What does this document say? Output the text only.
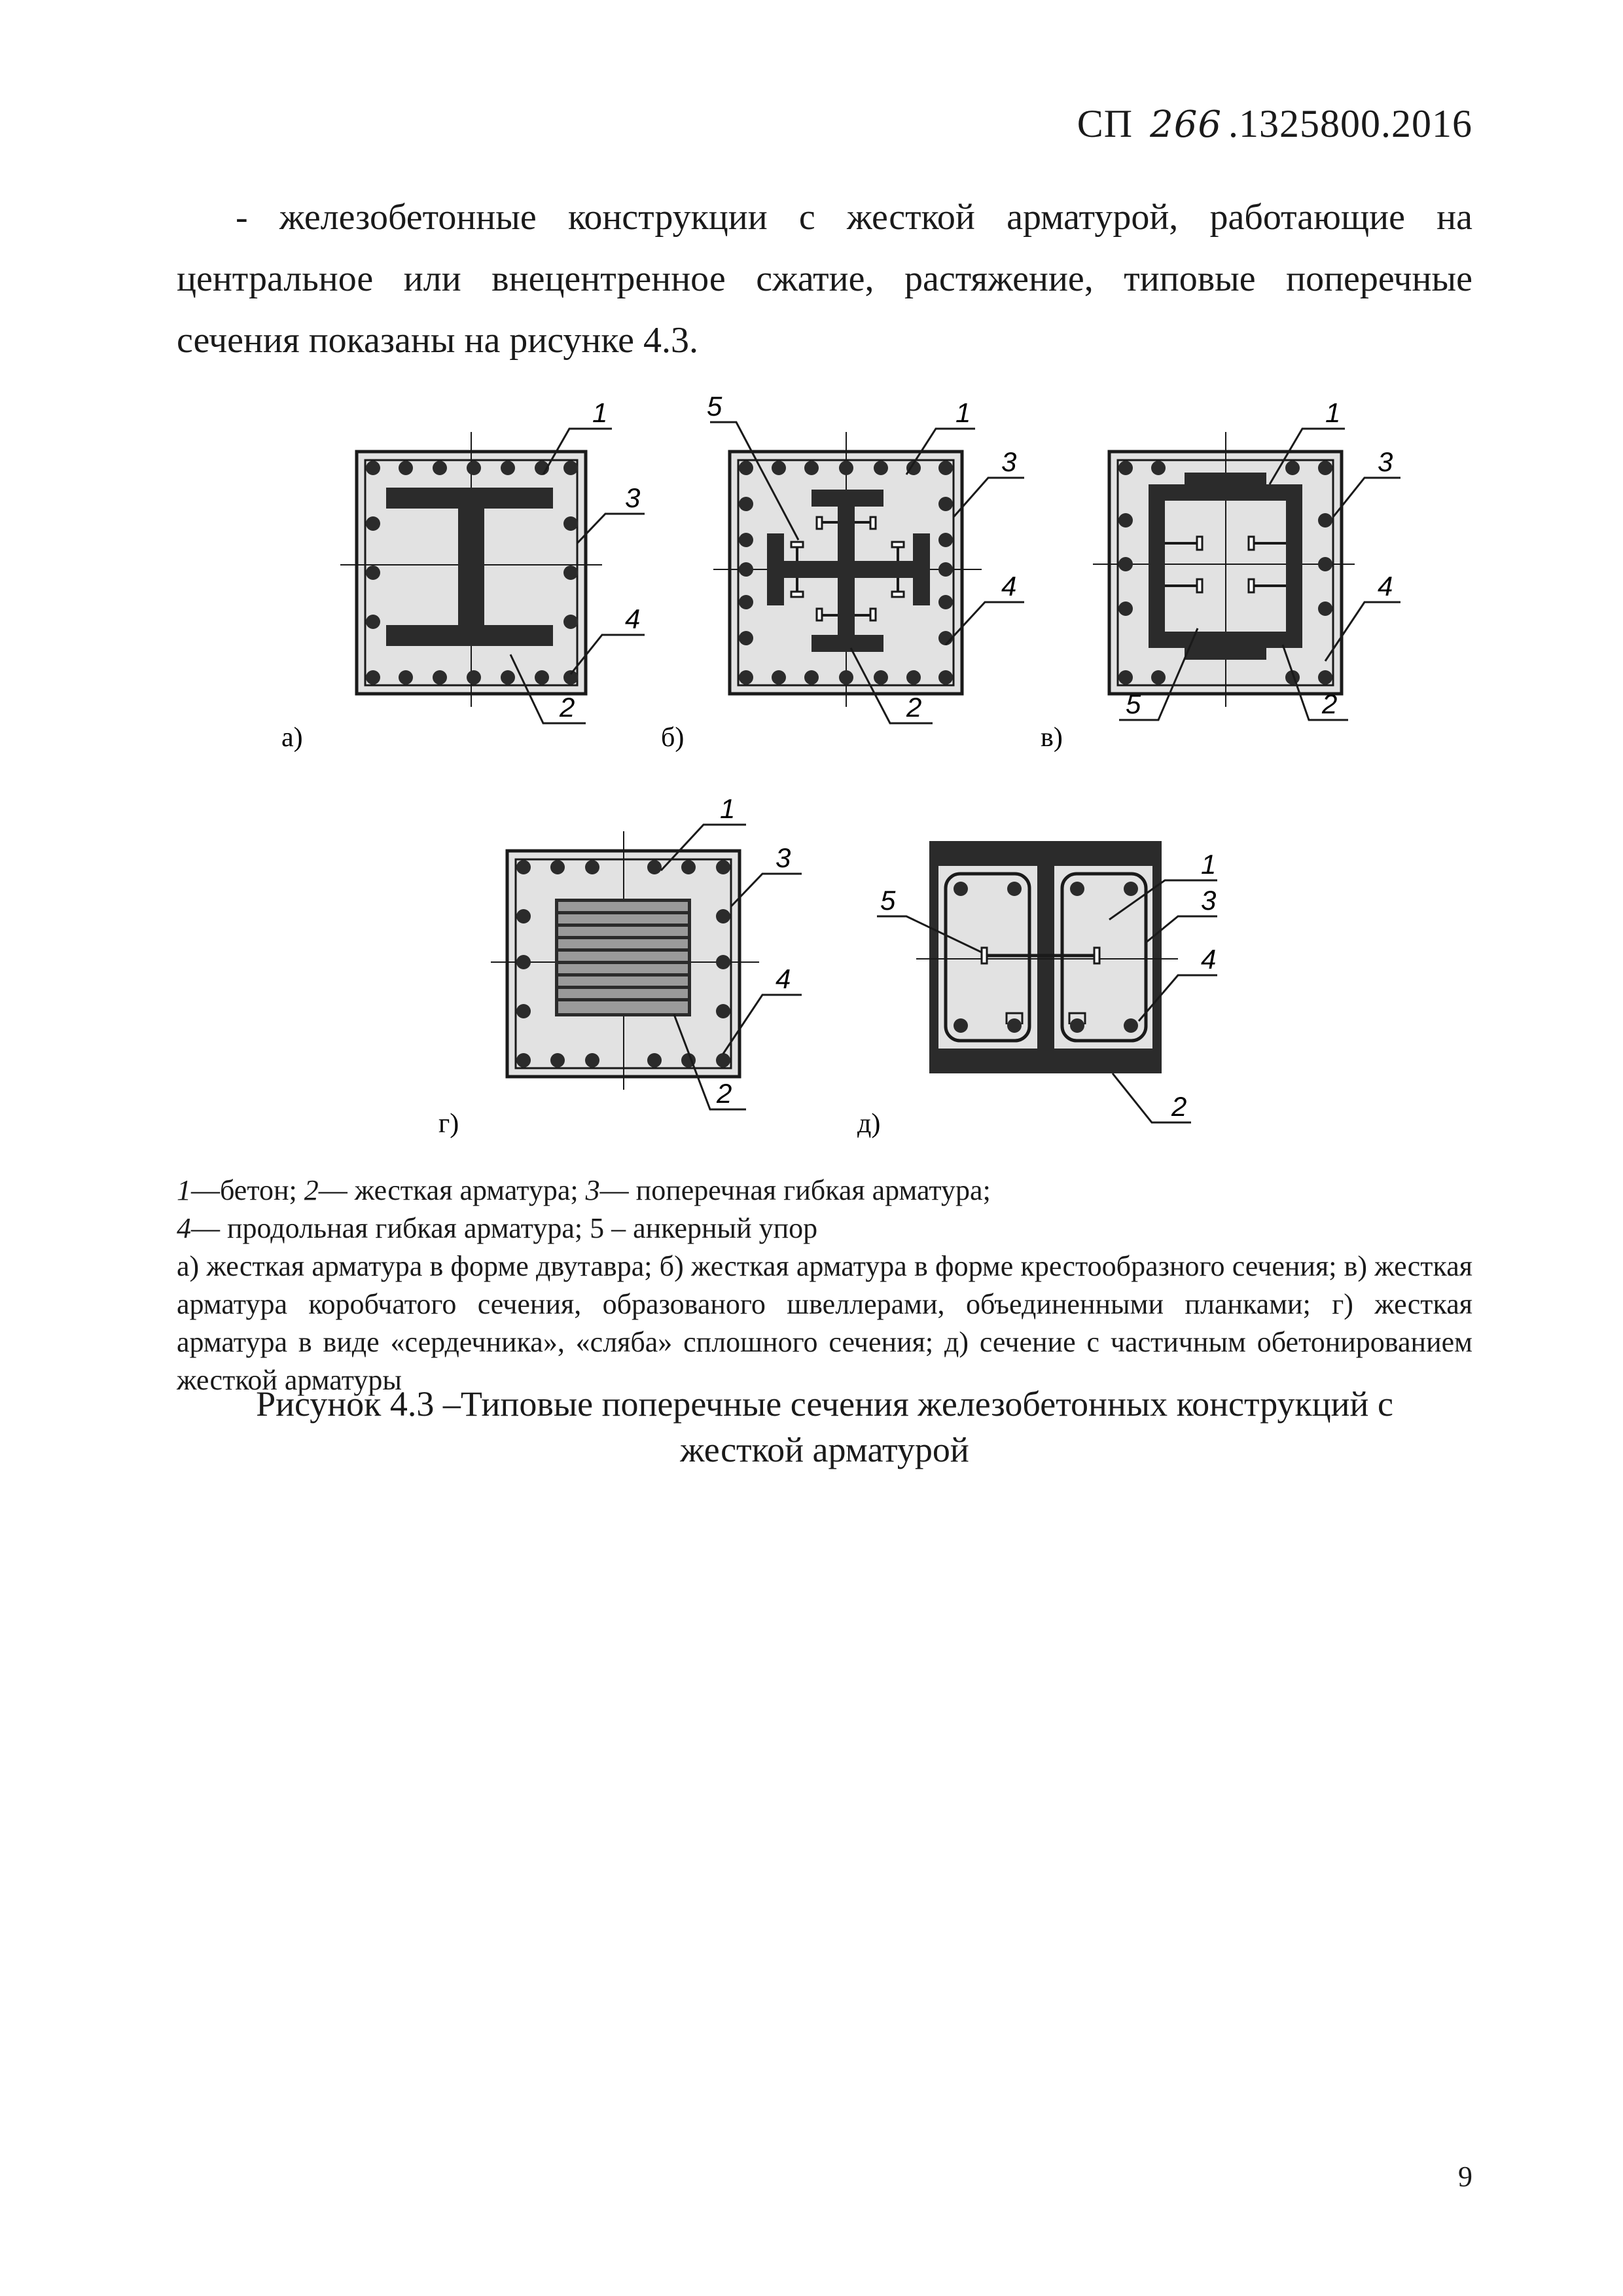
СП 266 .1325800.2016
- железобетонные конструкции с жесткой арматурой, работающие на центральное или внецентренное сжатие, растяжение, типовые поперечные сечения показаны на рисунке 4.3.
1
3
4
2
а)
5	1
3
4
2
б)
1
3
4
2
5
в)
1
3
4
2
г)
1
3
4
2
5
д)

1—бетон; 2— жесткая арматура; 3— поперечная гибкая арматура;

4— продольная гибкая арматура; 5 – анкерный упор

а) жесткая арматура в форме двутавра; б) жесткая арматура в форме крестообразного сечения; в) жесткая арматура коробчатого сечения, образованого швеллерами, объединенными планками; г) жесткая арматура в виде «сердечника», «сляба» сплошного сечения; д) сечение с частичным обетонированием жесткой арматуры

Рисунок 4.3 –Типовые поперечные сечения железобетонных конструкций с
жесткой арматурой
9
